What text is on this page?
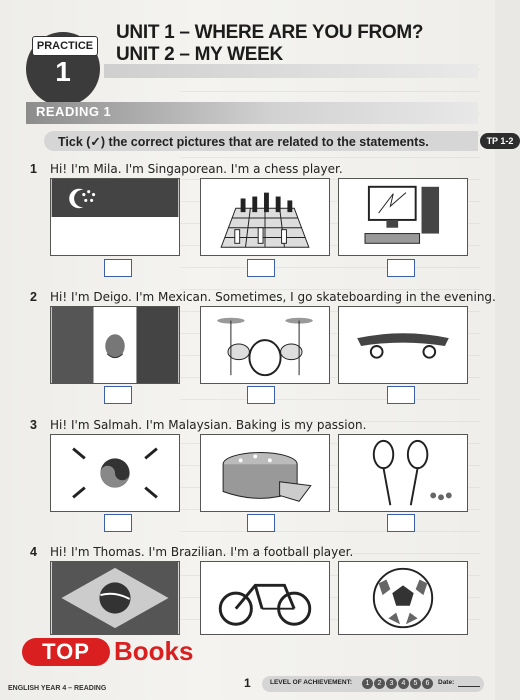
PRACTICE
1
UNIT 1 – WHERE ARE YOU FROM?
UNIT 2 – MY WEEK
READING 1
Tick (✓) the correct pictures that are related to the statements.	TP 1-2
1 Hi! I'm Mila. I'm Singaporean. I'm a chess player.
2 Hi! I'm Deigo. I'm Mexican. Sometimes, I go skateboarding in the evening.
3 Hi! I'm Salmah. I'm Malaysian. Baking is my passion.
4 Hi! I'm Thomas. I'm Brazilian. I'm a football player.
TOP Books
ENGLISH YEAR 4 – READING	1	LEVEL OF ACHIEVEMENT:	1	2	3	4	5	6	Date:
